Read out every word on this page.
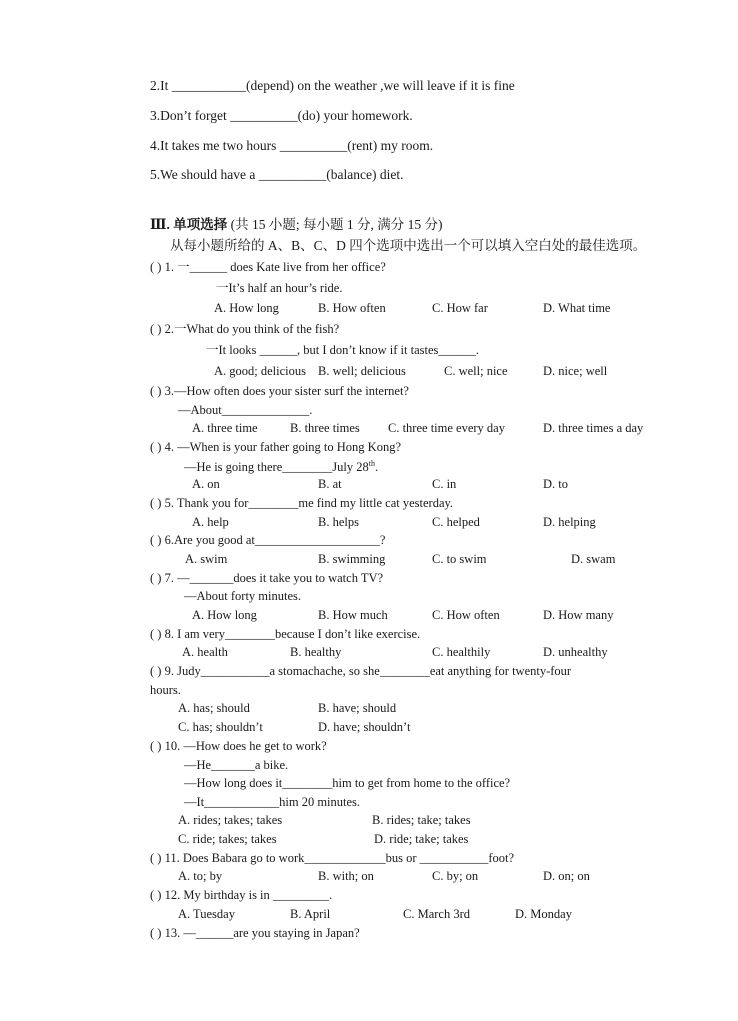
2.It ___________(depend) on the weather ,we will leave if it is fine
3.Don’t forget __________(do) your homework.
4.It takes me two hours __________(rent) my room.
5.We should have a __________(balance) diet.
Ⅲ. 单项选择 (共 15 小题; 每小题 1 分, 满分 15 分)
从每小题所给的 A、B、C、D 四个选项中选出一个可以填入空白处的最佳选项。
( ) 1. 一______ does Kate live from her office?
一It’s half an hour’s ride.
A. How long	B. How often	C. How far	D. What time
( ) 2.一What do you think of the fish?
一It looks ______, but I don’t know if it tastes______.
A. good; delicious B. well; delicious	C. well; nice	D. nice; well
( ) 3.—How often does your sister surf the internet?
—About______________.
A. three time	B. three times C. three time every day	D. three times a day
( ) 4. —When is your father going to Hong Kong?
—He is going there________July 28th.
A. on	B. at	C. in	D. to
( ) 5. Thank you for________me find my little cat yesterday.
A. help	B. helps	C. helped	D. helping
( ) 6.Are you good at____________________?
A. swim	B. swimming	C. to swim	D. swam
( ) 7. —_______does it take you to watch TV?
—About forty minutes.
A. How long	B. How much	C. How often	D. How many
( ) 8. I am very________because I don’t like exercise.
A. health	B. healthy	C. healthily	D. unhealthy
( ) 9. Judy___________a stomachache, so she________eat anything for twenty-four
hours.
A. has; should	B. have; should
C. has; shouldn’t	D. have; shouldn’t
( ) 10. —How does he get to work?
—He_______a bike.
—How long does it________him to get from home to the office?
—It____________him 20 minutes.
A. rides; takes; takes	B. rides; take; takes
C. ride; takes; takes	D. ride; take; takes
( ) 11. Does Babara go to work_____________bus or ___________foot?
A. to; by	B. with; on	C. by; on	D. on; on
( ) 12. My birthday is in _________.
A. Tuesday	B. April	C. March 3rd	D. Monday
( ) 13. —______are you staying in Japan?
